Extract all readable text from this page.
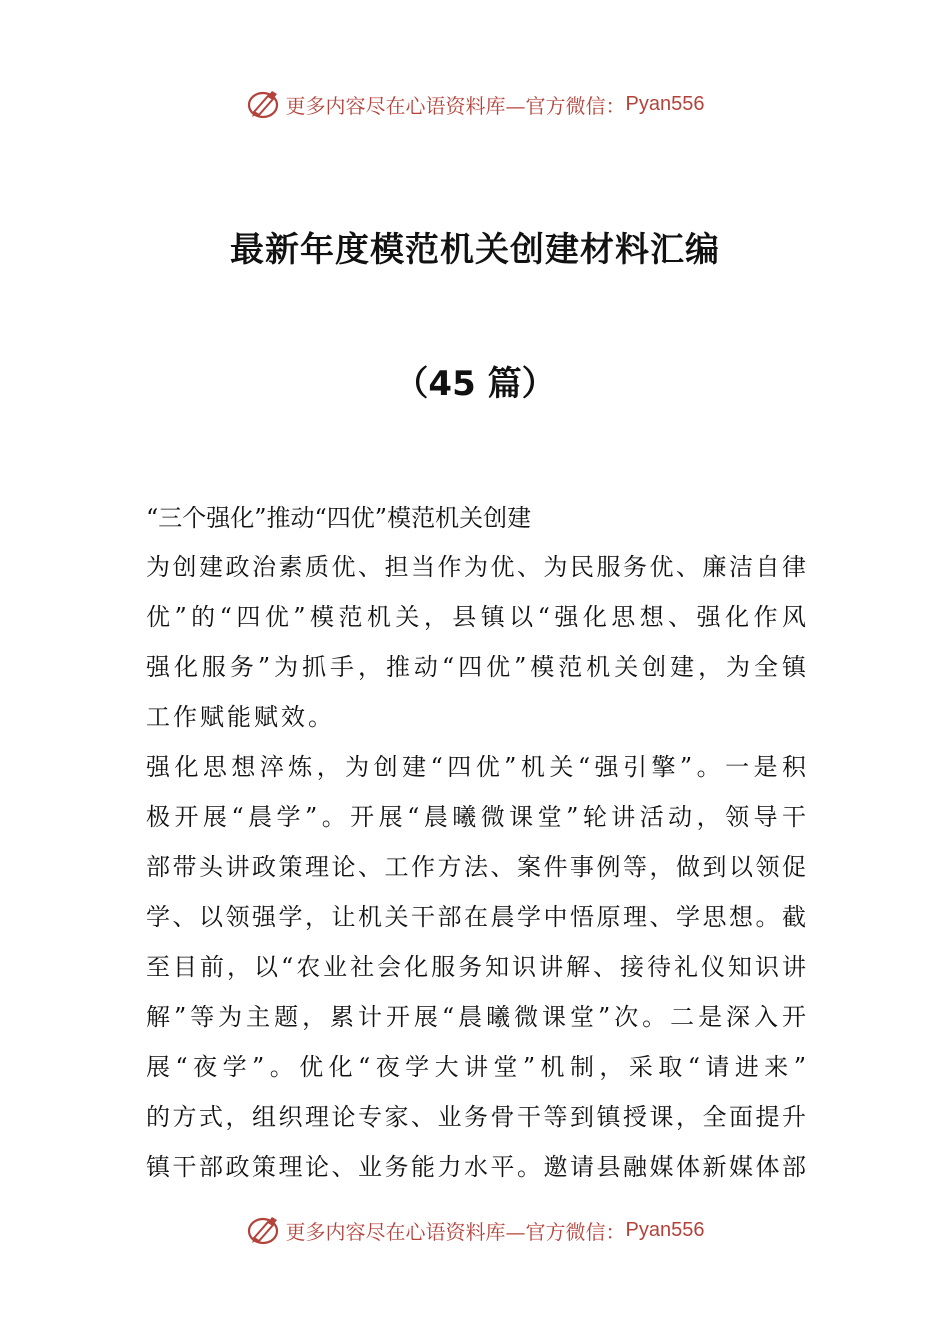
更多内容尽在心语资料库—官方微信： Pyan556
最新年度模范机关创建材料汇编
（45 篇）
“三个强化”推动“四优”模范机关创建
为创建政治素质优、担当作为优、为民服务优、廉洁自律
优”的“四优”模范机关，县镇以“强化思想、强化作风
强化服务”为抓手，推动“四优”模范机关创建，为全镇
工作赋能赋效。
强化思想淬炼，为创建“四优”机关“强引擎”。一是积
极开展“晨学”。开展“晨曦微课堂”轮讲活动，领导干
部带头讲政策理论、工作方法、案件事例等，做到以领促
学、以领强学，让机关干部在晨学中悟原理、学思想。截
至目前，以“农业社会化服务知识讲解、接待礼仪知识讲
解”等为主题，累计开展“晨曦微课堂”次。二是深入开
展“夜学”。优化“夜学大讲堂”机制，采取“请进来”
的方式，组织理论专家、业务骨干等到镇授课，全面提升
镇干部政策理论、业务能力水平。邀请县融媒体新媒体部
更多内容尽在心语资料库—官方微信： Pyan556
